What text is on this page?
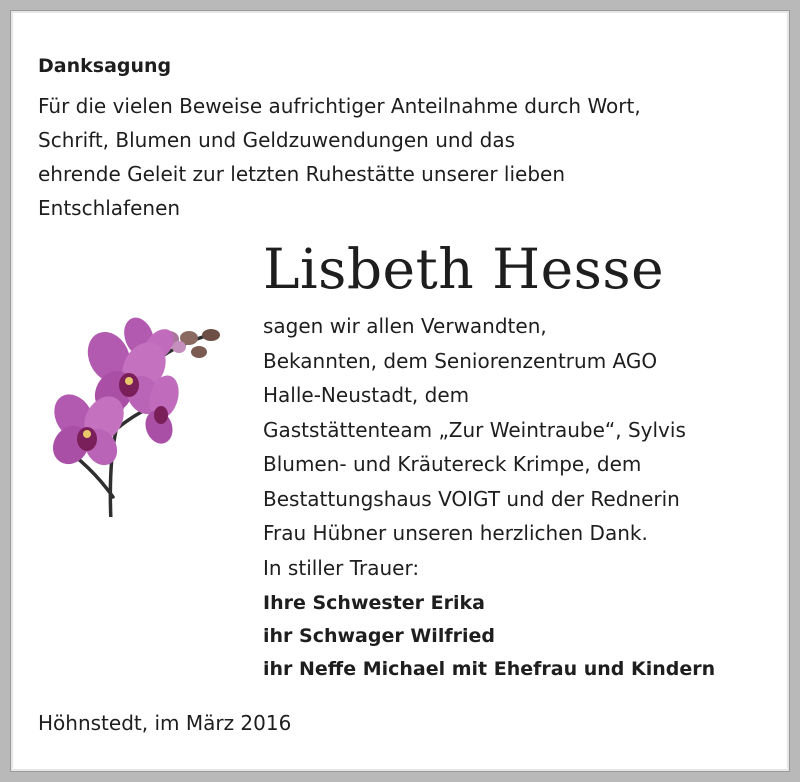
Danksagung
Für die vielen Beweise aufrichtiger Anteilnahme durch Wort,
Schrift, Blumen und Geldzuwendungen und das
ehrende Geleit zur letzten Ruhestätte unserer lieben
Entschlafenen
Lisbeth Hesse
sagen wir allen Verwandten,
Bekannten, dem Seniorenzentrum AGO
Halle-Neustadt, dem
Gaststättenteam „Zur Weintraube“, Sylvis
Blumen- und Kräutereck Krimpe, dem
Bestattungshaus VOIGT und der Rednerin
Frau Hübner unseren herzlichen Dank.
In stiller Trauer:
Ihre Schwester Erika
ihr Schwager Wilfried
ihr Neffe Michael mit Ehefrau und Kindern
Höhnstedt, im März 2016
